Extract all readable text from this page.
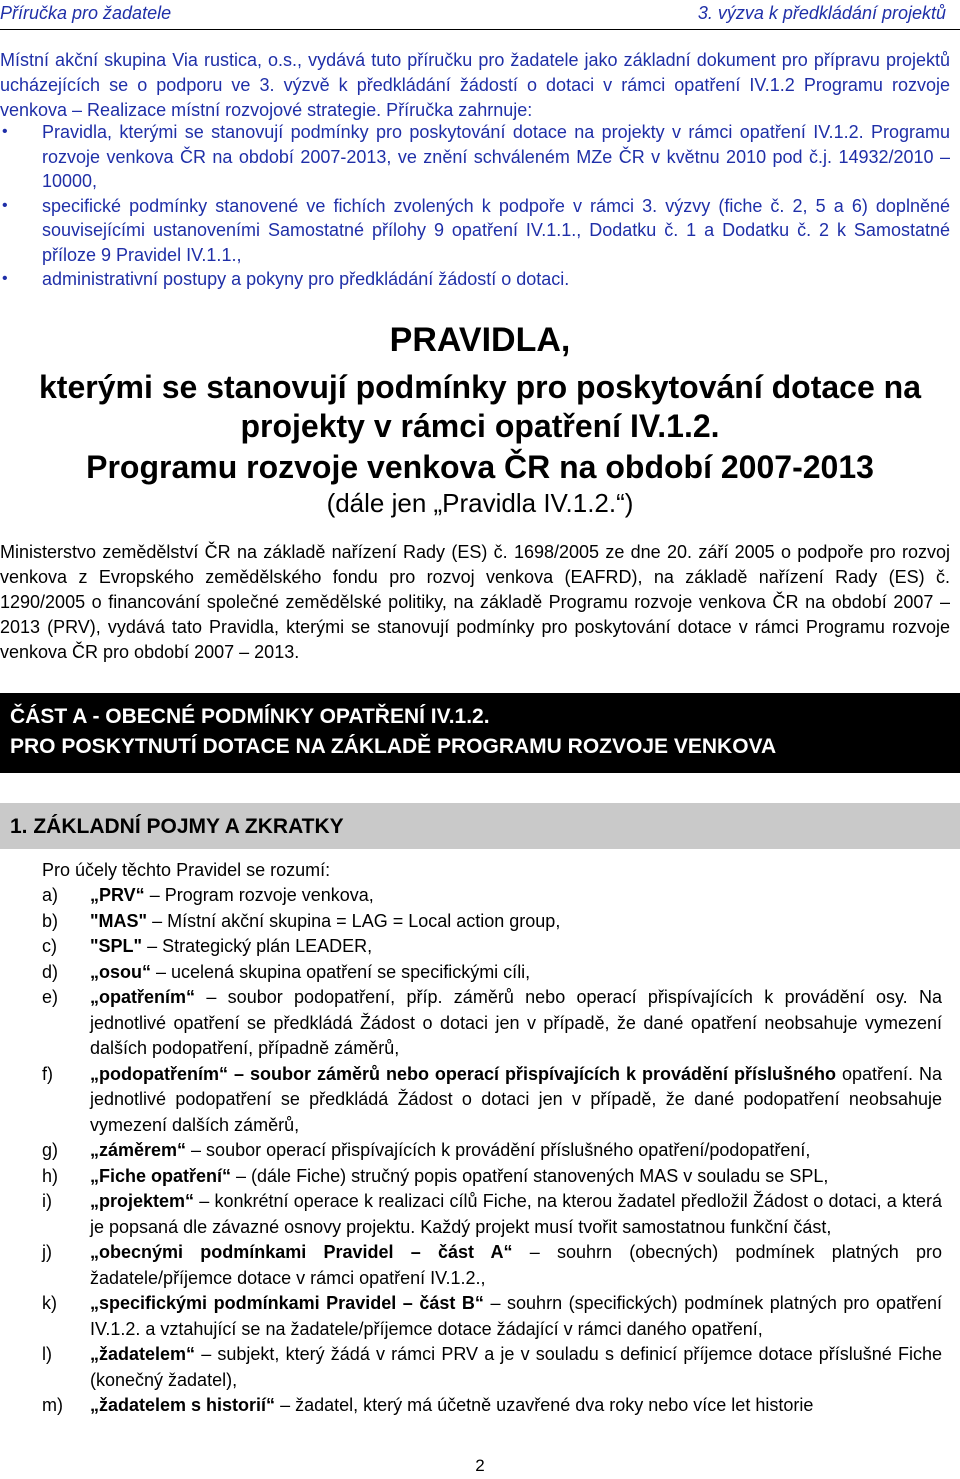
Příručka pro žadatele	3. výzva k předkládání projektů
Místní akční skupina Via rustica, o.s., vydává tuto příručku pro žadatele jako základní dokument pro přípravu projektů ucházejících se o podporu ve 3. výzvě k předkládání žádostí o dotaci v rámci opatření IV.1.2 Programu rozvoje venkova – Realizace místní rozvojové strategie. Příručka zahrnuje:
• Pravidla, kterými se stanovují podmínky pro poskytování dotace na projekty v rámci opatření IV.1.2. Programu rozvoje venkova ČR na období 2007-2013, ve znění schváleném MZe ČR v květnu 2010 pod č.j. 14932/2010 – 10000,
• specifické podmínky stanovené ve fichích zvolených k podpoře v rámci 3. výzvy (fiche č. 2, 5 a 6) doplněné souvisejícími ustanoveními Samostatné přílohy 9 opatření IV.1.1., Dodatku č. 1 a Dodatku č. 2 k Samostatné příloze 9 Pravidel IV.1.1.,
• administrativní postupy a pokyny pro předkládání žádostí o dotaci.
PRAVIDLA,
kterými se stanovují podmínky pro poskytování dotace na projekty v rámci opatření IV.1.2.
Programu rozvoje venkova ČR na období 2007-2013
(dále jen „Pravidla IV.1.2.“)
Ministerstvo zemědělství ČR na základě nařízení Rady (ES) č. 1698/2005 ze dne 20. září 2005 o podpoře pro rozvoj venkova z Evropského zemědělského fondu pro rozvoj venkova (EAFRD), na základě nařízení Rady (ES) č. 1290/2005 o financování společné zemědělské politiky, na základě Programu rozvoje venkova ČR na období 2007 – 2013 (PRV), vydává tato Pravidla, kterými se stanovují podmínky pro poskytování dotace v rámci Programu rozvoje venkova ČR pro období 2007 – 2013.
ČÁST A - OBECNÉ PODMÍNKY OPATŘENÍ IV.1.2.
PRO POSKYTNUTÍ DOTACE NA ZÁKLADĚ PROGRAMU ROZVOJE VENKOVA
1. ZÁKLADNÍ POJMY A ZKRATKY
Pro účely těchto Pravidel se rozumí:
a) „PRV“ – Program rozvoje venkova,
b) "MAS" – Místní akční skupina = LAG = Local action group,
c) "SPL" – Strategický plán LEADER,
d) „osou“ – ucelená skupina opatření se specifickými cíli,
e) „opatřením“ – soubor podopatření, příp. záměrů nebo operací přispívajících k provádění osy. Na jednotlivé opatření se předkládá Žádost o dotaci jen v případě, že dané opatření neobsahuje vymezení dalších podopatření, případně záměrů,
f) „podopatřením“ – soubor záměrů nebo operací přispívajících k provádění příslušného opatření. Na jednotlivé podopatření se předkládá Žádost o dotaci jen v případě, že dané podopatření neobsahuje vymezení dalších záměrů,
g) „záměrem“ – soubor operací přispívajících k provádění příslušného opatření/podopatření,
h) „Fiche opatření“ – (dále Fiche) stručný popis opatření stanovených MAS v souladu se SPL,
i) „projektem“ – konkrétní operace k realizaci cílů Fiche, na kterou žadatel předložil Žádost o dotaci, a která je popsaná dle závazné osnovy projektu. Každý projekt musí tvořit samostatnou funkční část,
j) „obecnými podmínkami Pravidel – část A“ – souhrn (obecných) podmínek platných pro žadatele/příjemce dotace v rámci opatření IV.1.2.,
k) „specifickými podmínkami Pravidel – část B“ – souhrn (specifických) podmínek platných pro opatření IV.1.2. a vztahující se na žadatele/příjemce dotace žádající v rámci daného opatření,
l) „žadatelem“ – subjekt, který žádá v rámci PRV a je v souladu s definicí příjemce dotace příslušné Fiche (konečný žadatel),
m) „žadatelem s historií“ – žadatel, který má účetně uzavřené dva roky nebo více let historie
2
